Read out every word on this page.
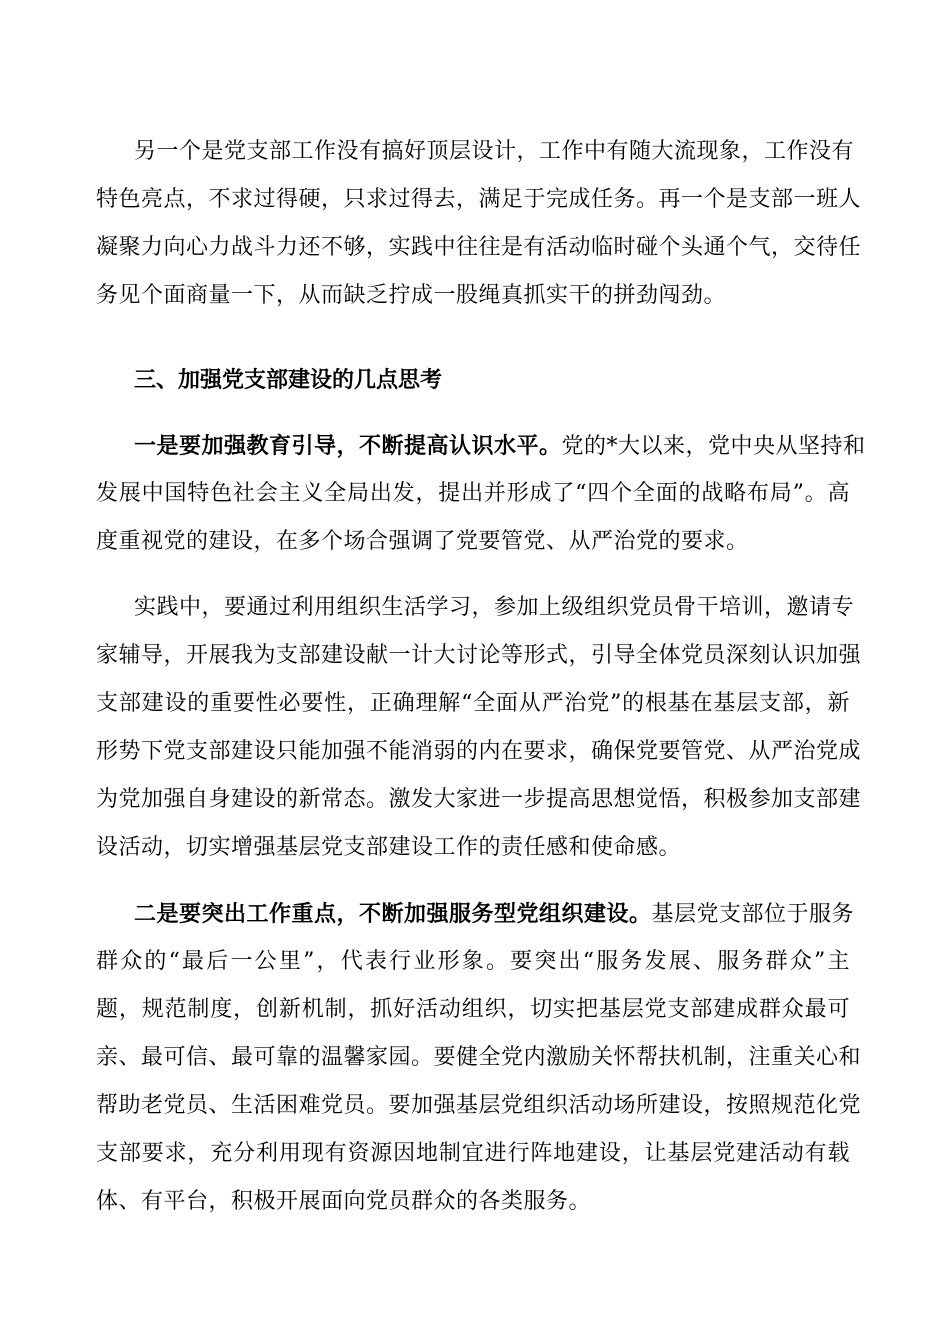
另一个是党支部工作没有搞好顶层设计，工作中有随大流现象，工作没有
特色亮点，不求过得硬，只求过得去，满足于完成任务。再一个是支部一班人
凝聚力向心力战斗力还不够，实践中往往是有活动临时碰个头通个气，交待任
务见个面商量一下，从而缺乏拧成一股绳真抓实干的拼劲闯劲。
三、加强党支部建设的几点思考
一是要加强教育引导，不断提高认识水平。党的*大以来，党中央从坚持和
发展中国特色社会主义全局出发，提出并形成了“四个全面的战略布局”。高
度重视党的建设，在多个场合强调了党要管党、从严治党的要求。
实践中，要通过利用组织生活学习，参加上级组织党员骨干培训，邀请专
家辅导，开展我为支部建设献一计大讨论等形式，引导全体党员深刻认识加强
支部建设的重要性必要性，正确理解“全面从严治党”的根基在基层支部，新
形势下党支部建设只能加强不能消弱的内在要求，确保党要管党、从严治党成
为党加强自身建设的新常态。激发大家进一步提高思想觉悟，积极参加支部建
设活动，切实增强基层党支部建设工作的责任感和使命感。
二是要突出工作重点，不断加强服务型党组织建设。基层党支部位于服务
群众的“最后一公里”，代表行业形象。要突出“服务发展、服务群众”主
题，规范制度，创新机制，抓好活动组织，切实把基层党支部建成群众最可
亲、最可信、最可靠的温馨家园。要健全党内激励关怀帮扶机制，注重关心和
帮助老党员、生活困难党员。要加强基层党组织活动场所建设，按照规范化党
支部要求，充分利用现有资源因地制宜进行阵地建设，让基层党建活动有载
体、有平台，积极开展面向党员群众的各类服务。
